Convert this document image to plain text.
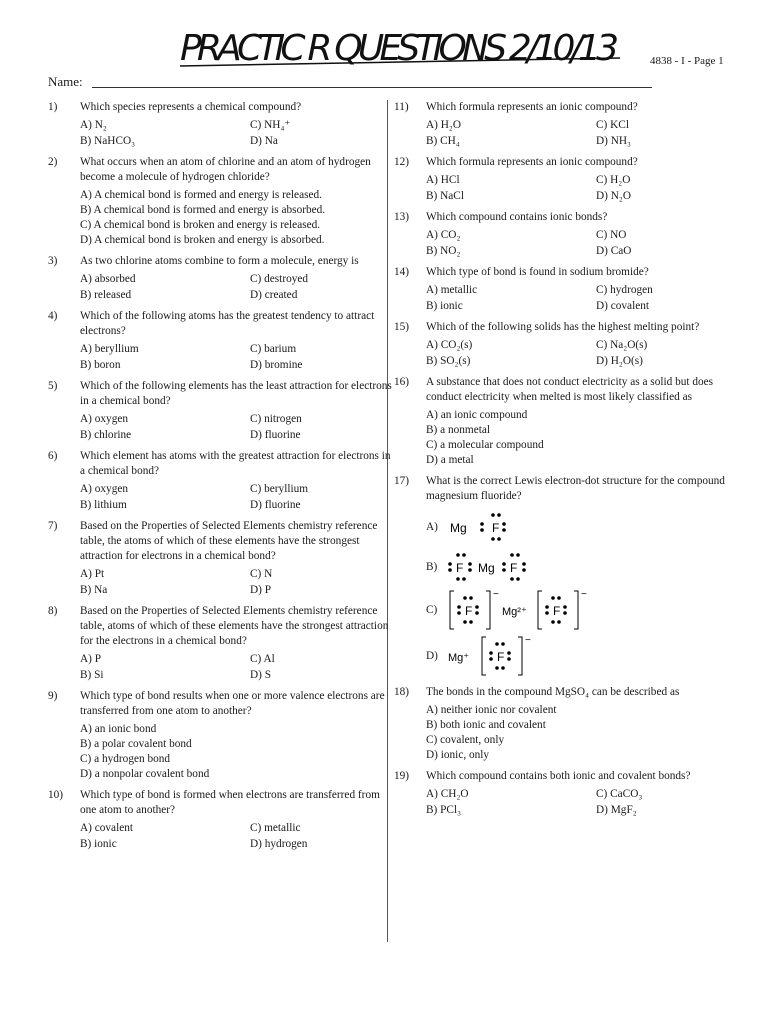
PRACTIC R QUESTIONS 2/10/13	4838 - I - Page 1
Name:
1) Which species represents a chemical compound?
A) N₂	C) NH₄⁺
B) NaHCO₃	D) Na
2) What occurs when an atom of chlorine and an atom of hydrogen become a molecule of hydrogen chloride?
A) A chemical bond is formed and energy is released.
B) A chemical bond is formed and energy is absorbed.
C) A chemical bond is broken and energy is released.
D) A chemical bond is broken and energy is absorbed.
3) As two chlorine atoms combine to form a molecule, energy is
A) absorbed	C) destroyed
B) released	D) created
4) Which of the following atoms has the greatest tendency to attract electrons?
A) beryllium	C) barium
B) boron	D) bromine
5) Which of the following elements has the least attraction for electrons in a chemical bond?
A) oxygen	C) nitrogen
B) chlorine	D) fluorine
6) Which element has atoms with the greatest attraction for electrons in a chemical bond?
A) oxygen	C) beryllium
B) lithium	D) fluorine
7) Based on the Properties of Selected Elements chemistry reference table, the atoms of which of these elements have the strongest attraction for electrons in a chemical bond?
A) Pt	C) N
B) Na	D) P
8) Based on the Properties of Selected Elements chemistry reference table, atoms of which of these elements have the strongest attraction for the electrons in a chemical bond?
A) P	C) Al
B) Si	D) S
9) Which type of bond results when one or more valence electrons are transferred from one atom to another?
A) an ionic bond
B) a polar covalent bond
C) a hydrogen bond
D) a nonpolar covalent bond
10) Which type of bond is formed when electrons are transferred from one atom to another?
A) covalent	C) metallic
B) ionic	D) hydrogen
11) Which formula represents an ionic compound?
A) H₂O	C) KCl
B) CH₄	D) NH₃
12) Which formula represents an ionic compound?
A) HCl	C) H₂O
B) NaCl	D) N₂O
13) Which compound contains ionic bonds?
A) CO₂	C) NO
B) NO₂	D) CaO
14) Which type of bond is found in sodium bromide?
A) metallic	C) hydrogen
B) ionic	D) covalent
15) Which of the following solids has the highest melting point?
A) CO₂(s)	C) Na₂O(s)
B) SO₂(s)	D) H₂O(s)
16) A substance that does not conduct electricity as a solid but does conduct electricity when melted is most likely classified as
A) an ionic compound
B) a nonmetal
C) a molecular compound
D) a metal
17) What is the correct Lewis electron-dot structure for the compound magnesium fluoride?
A)	Mg F
B)	F Mg F
C)
−
F	Mg²⁺
−
F
D) Mg⁺
−
F
18) The bonds in the compound MgSO₄ can be described as
A) neither ionic nor covalent
B) both ionic and covalent
C) covalent, only
D) ionic, only
19) Which compound contains both ionic and covalent bonds?
A) CH₂O	C) CaCO₃
B) PCl₃	D) MgF₂
